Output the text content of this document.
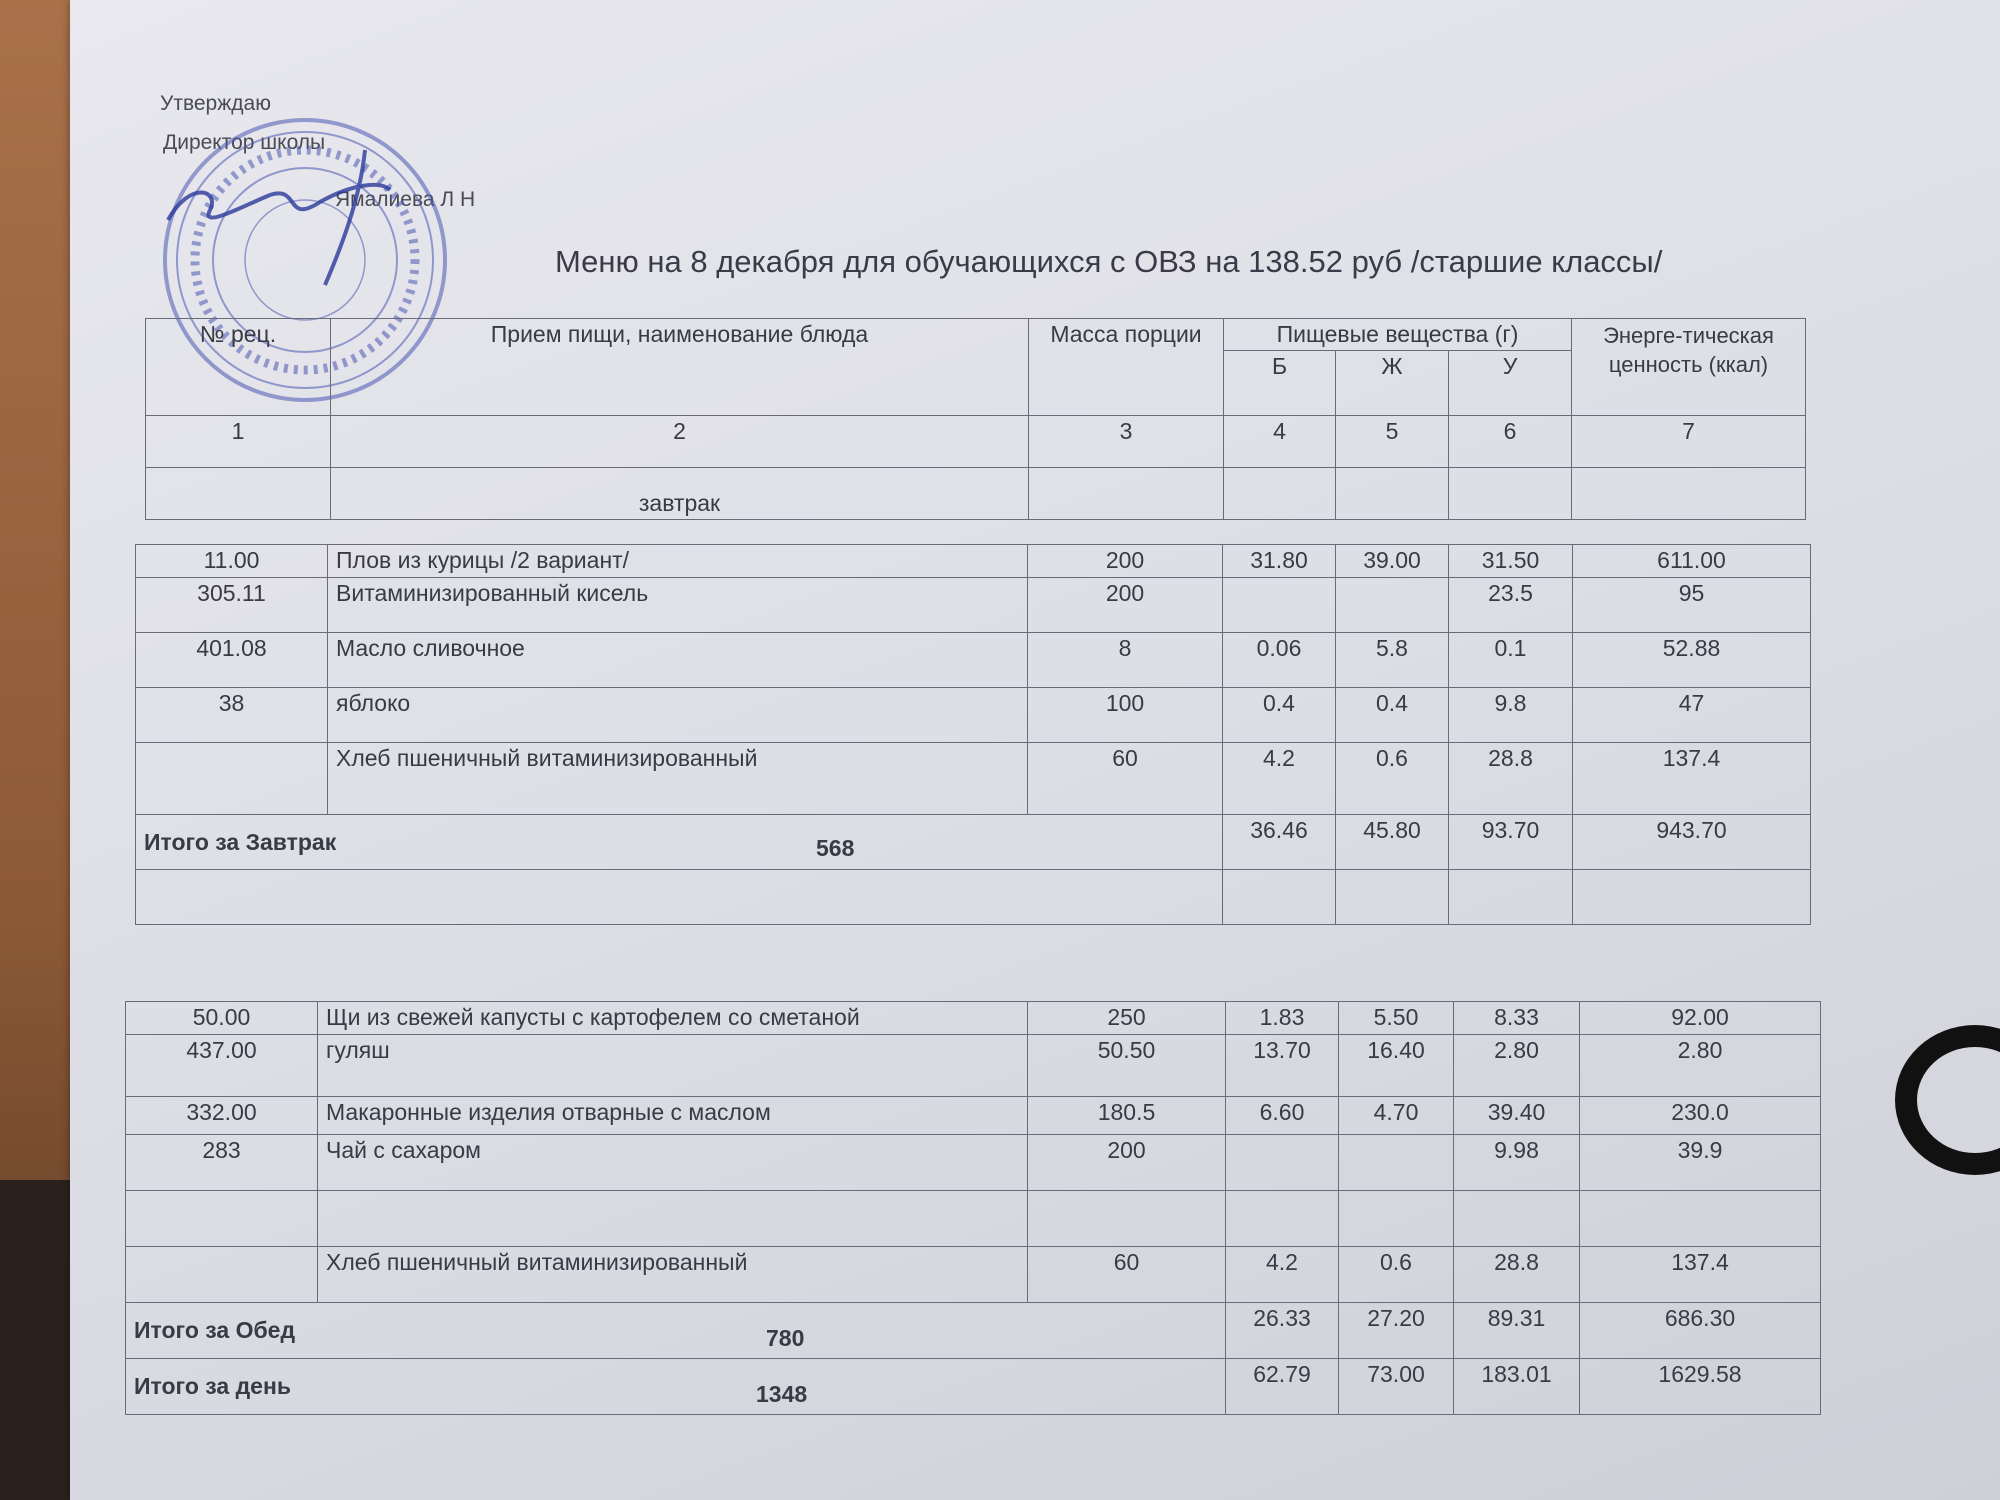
Утверждаю
Директор школы
Ямалиева Л Н
Меню на 8 декабря для обучающихся с ОВЗ на 138.52 руб /старшие классы/
№ рец.	Прием пищи, наименование блюда	Масса порции	Пищевые вещества (г)			Энерге-тическая ценность (ккал)
			Б	Ж	У	
1	2	3	4	5	6	7
	завтрак					
11.00	Плов из курицы /2 вариант/	200	31.80	39.00	31.50	611.00
305.11	Витаминизированный кисель	200			23.5	95
401.08	Масло сливочное	8	0.06	5.8	0.1	52.88
38	яблоко	100	0.4	0.4	9.8	47
	Хлеб пшеничный витаминизированный	60	4.2	0.6	28.8	137.4
Итого за Завтрак 568			36.46	45.80	93.70	943.70

50.00	Щи из свежей капусты с картофелем со сметаной	250	1.83	5.50	8.33	92.00
437.00	гуляш	50.50	13.70	16.40	2.80	2.80
332.00	Макаронные изделия отварные с маслом	180.5	6.60	4.70	39.40	230.0
283	Чай с сахаром	200			9.98	39.9

	Хлеб пшеничный витаминизированный	60	4.2	0.6	28.8	137.4
Итого за Обед 780			26.33	27.20	89.31	686.30
Итого за день 1348			62.79	73.00	183.01	1629.58
